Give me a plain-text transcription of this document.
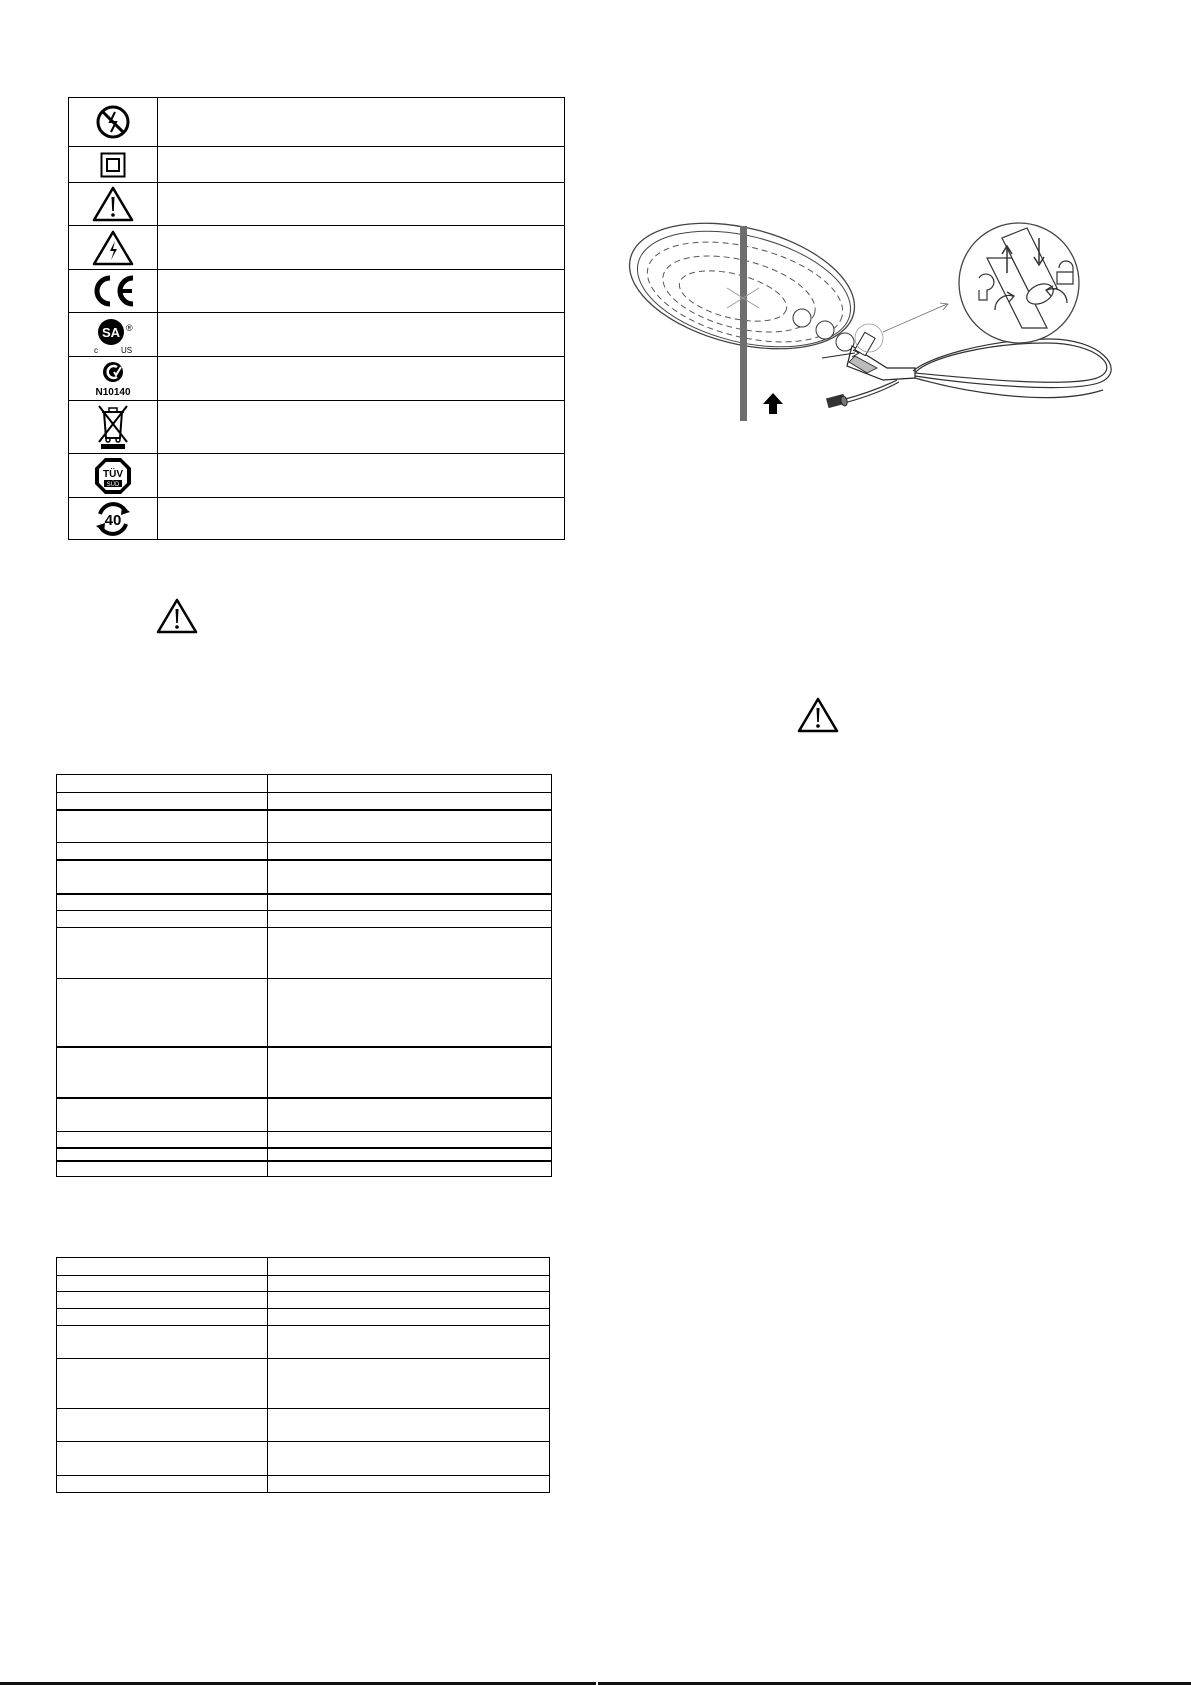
SA
c US
®	

N10140	

TÜV
SÜD	

40	
